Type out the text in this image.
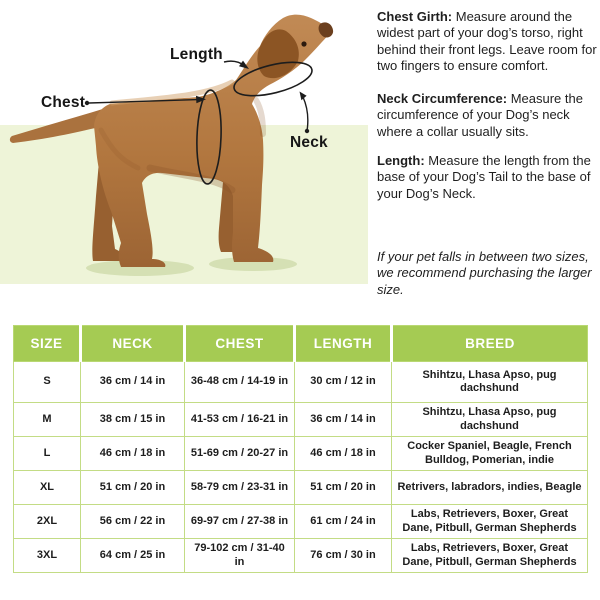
Length
Chest
Neck

Chest Girth: Measure around the widest part of your dog’s torso, right behind their front legs. Leave room for two fingers to ensure comfort.

Neck Circumference: Measure the circumference of your Dog’s neck where a collar usually sits.

Length: Measure the length from the base of your Dog’s Tail to the base of your Dog’s Neck.

If your pet falls in between two sizes, we recommend purchasing the larger size.

SIZE	NECK	CHEST	LENGTH	BREED
S	36 cm / 14 in	36-48 cm / 14-19 in	30 cm / 12 in	Shihtzu, Lhasa Apso, pug dachshund
M	38 cm / 15 in	41-53 cm / 16-21 in	36 cm / 14 in	Shihtzu, Lhasa Apso, pug dachshund
L	46 cm / 18 in	51-69 cm / 20-27 in	46 cm / 18 in	Cocker Spaniel, Beagle, French Bulldog, Pomerian, indie
XL	51 cm / 20 in	58-79 cm / 23-31 in	51 cm / 20 in	Retrivers, labradors, indies, Beagle
2XL	56 cm / 22 in	69-97 cm / 27-38 in	61 cm / 24 in	Labs, Retrievers, Boxer, Great Dane, Pitbull, German Shepherds
3XL	64 cm / 25 in	79-102 cm / 31-40 in	76 cm / 30 in	Labs, Retrievers, Boxer, Great Dane, Pitbull, German Shepherds
